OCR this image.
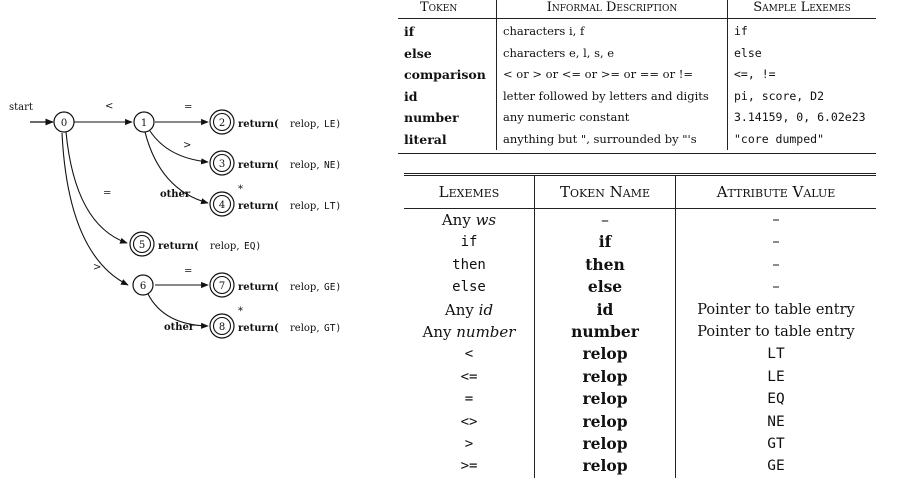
start	<	=
>
other
=
>	=
other
0	1	2
3
4
*
5
6	7
8
*
return( relop, LE)
return( relop, NE)
return( relop, LT)
return( relop, EQ)
return( relop, GE)
return( relop, GT)
Token	Informal Description	Sample Lexemes
if	characters i, f	if
else	characters e, l, s, e	else
comparison	< or > or <= or >= or == or !=	<=, !=
id	letter followed by letters and digits	pi, score, D2
number	any numeric constant	3.14159, 0, 6.02e23
literal	anything but ", surrounded by "'s	"core dumped"
Lexemes	Token Name	Attribute Value
Any ws	–	–
if	if	–
then	then	–
else	else	–
Any id	id	Pointer to table entry
Any number	number	Pointer to table entry
<	relop	LT
<=	relop	LE
=	relop	EQ
<>	relop	NE
>	relop	GT
>=	relop	GE
